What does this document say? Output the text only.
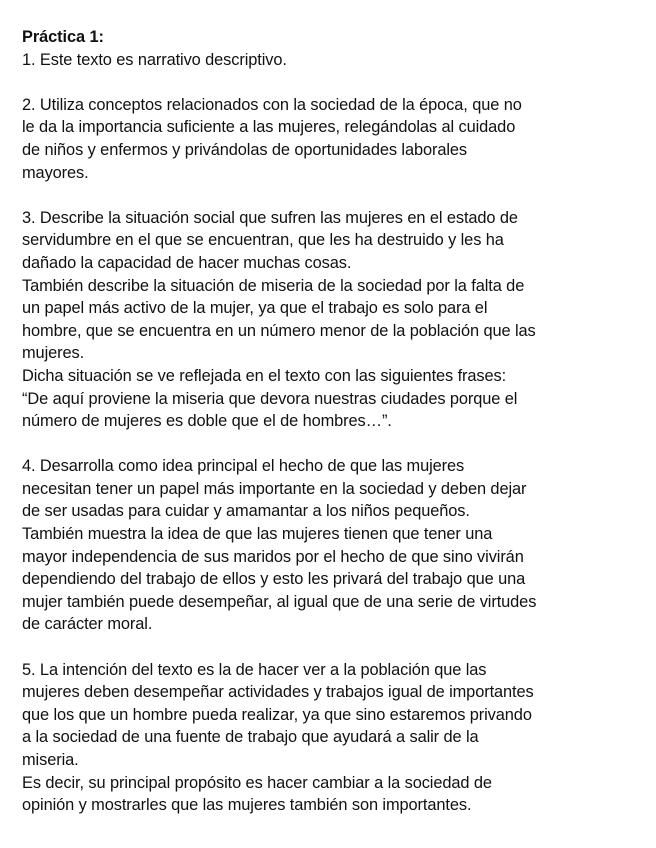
Práctica 1:

1. Este texto es narrativo descriptivo.
2. Utiliza conceptos relacionados con la sociedad de la época, que no
le da la importancia suficiente a las mujeres, relegándolas al cuidado
de niños y enfermos y privándolas de oportunidades laborales
mayores.
3. Describe la situación social que sufren las mujeres en el estado de
servidumbre en el que se encuentran, que les ha destruido y les ha
dañado la capacidad de hacer muchas cosas.
También describe la situación de miseria de la sociedad por la falta de
un papel más activo de la mujer, ya que el trabajo es solo para el
hombre, que se encuentra en un número menor de la población que las
mujeres.
Dicha situación se ve reflejada en el texto con las siguientes frases:
“De aquí proviene la miseria que devora nuestras ciudades porque el
número de mujeres es doble que el de hombres…”.
4. Desarrolla como idea principal el hecho de que las mujeres
necesitan tener un papel más importante en la sociedad y deben dejar
de ser usadas para cuidar y amamantar a los niños pequeños.
También muestra la idea de que las mujeres tienen que tener una
mayor independencia de sus maridos por el hecho de que sino vivirán
dependiendo del trabajo de ellos y esto les privará del trabajo que una
mujer también puede desempeñar, al igual que de una serie de virtudes
de carácter moral.
5. La intención del texto es la de hacer ver a la población que las
mujeres deben desempeñar actividades y trabajos igual de importantes
que los que un hombre pueda realizar, ya que sino estaremos privando
a la sociedad de una fuente de trabajo que ayudará a salir de la
miseria.
Es decir, su principal propósito es hacer cambiar a la sociedad de
opinión y mostrarles que las mujeres también son importantes.
